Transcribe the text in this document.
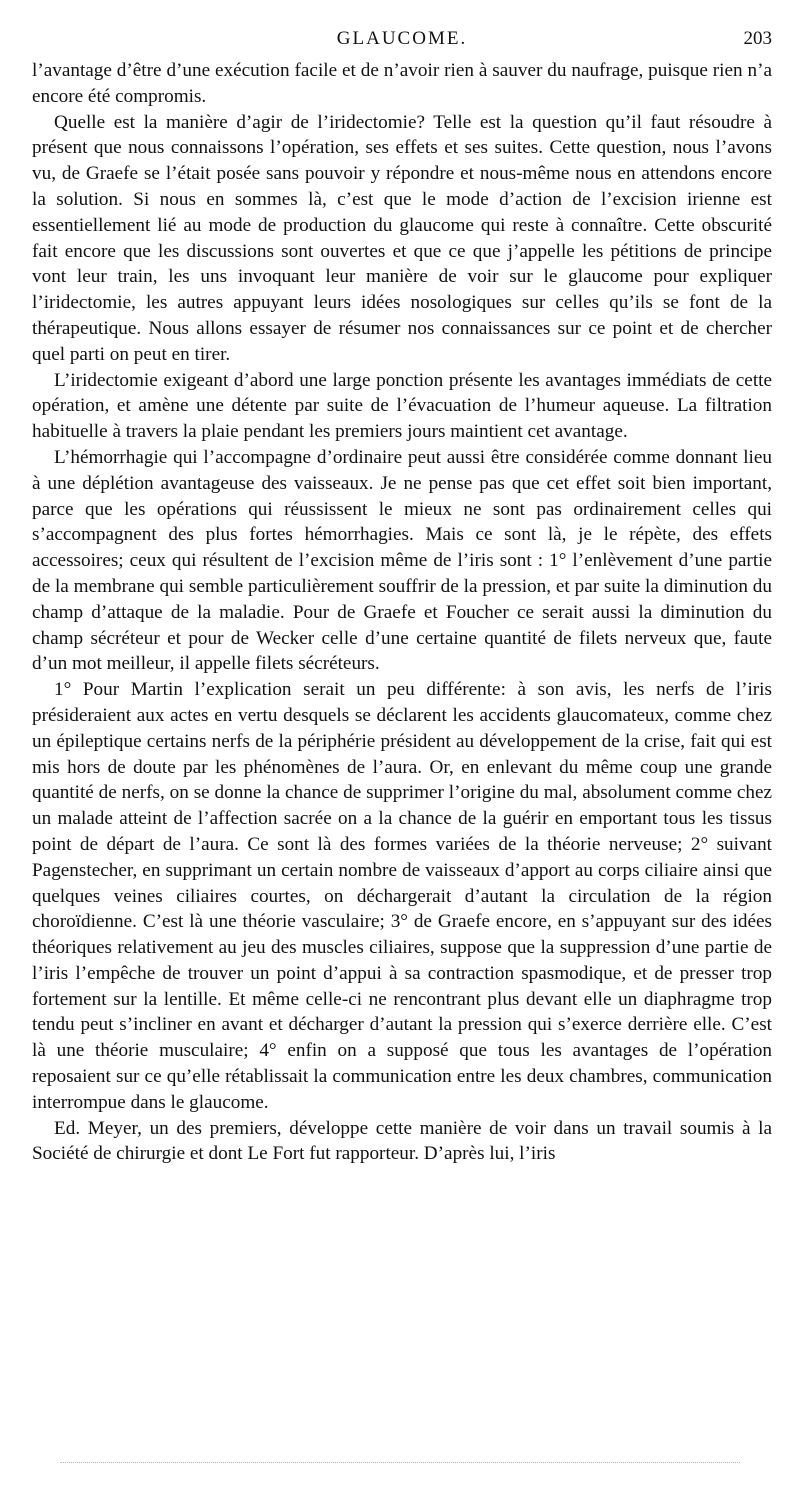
GLAUCOME.	203

l’avantage d’être d’une exécution facile et de n’avoir rien à sauver du naufrage, puisque rien n’a encore été compromis.

Quelle est la manière d’agir de l’iridectomie? Telle est la question qu’il faut résoudre à présent que nous connaissons l’opération, ses effets et ses suites. Cette question, nous l’avons vu, de Graefe se l’était posée sans pouvoir y répondre et nous-même nous en attendons encore la solution. Si nous en sommes là, c’est que le mode d’action de l’excision irienne est essentiellement lié au mode de production du glaucome qui reste à connaître. Cette obscurité fait encore que les discussions sont ouvertes et que ce que j’appelle les pétitions de principe vont leur train, les uns invoquant leur manière de voir sur le glaucome pour expliquer l’iridectomie, les autres appuyant leurs idées nosologiques sur celles qu’ils se font de la thérapeutique. Nous allons essayer de résumer nos connaissances sur ce point et de chercher quel parti on peut en tirer.

L’iridectomie exigeant d’abord une large ponction présente les avantages immédiats de cette opération, et amène une détente par suite de l’évacuation de l’humeur aqueuse. La filtration habituelle à travers la plaie pendant les premiers jours maintient cet avantage.

L’hémorrhagie qui l’accompagne d’ordinaire peut aussi être considérée comme donnant lieu à une déplétion avantageuse des vaisseaux. Je ne pense pas que cet effet soit bien important, parce que les opérations qui réussissent le mieux ne sont pas ordinairement celles qui s’accompagnent des plus fortes hémorrhagies. Mais ce sont là, je le répète, des effets accessoires; ceux qui résultent de l’excision même de l’iris sont : 1° l’enlèvement d’une partie de la membrane qui semble particulièrement souffrir de la pression, et par suite la diminution du champ d’attaque de la maladie. Pour de Graefe et Foucher ce serait aussi la diminution du champ sécréteur et pour de Wecker celle d’une certaine quantité de filets nerveux que, faute d’un mot meilleur, il appelle filets sécréteurs.

1° Pour Martin l’explication serait un peu différente: à son avis, les nerfs de l’iris présideraient aux actes en vertu desquels se déclarent les accidents glaucomateux, comme chez un épileptique certains nerfs de la périphérie président au développement de la crise, fait qui est mis hors de doute par les phénomènes de l’aura. Or, en enlevant du même coup une grande quantité de nerfs, on se donne la chance de supprimer l’origine du mal, absolument comme chez un malade atteint de l’affection sacrée on a la chance de la guérir en emportant tous les tissus point de départ de l’aura. Ce sont là des formes variées de la théorie nerveuse; 2° suivant Pagenstecher, en supprimant un certain nombre de vaisseaux d’apport au corps ciliaire ainsi que quelques veines ciliaires courtes, on déchargerait d’autant la circulation de la région choroïdienne. C’est là une théorie vasculaire; 3° de Graefe encore, en s’appuyant sur des idées théoriques relativement au jeu des muscles ciliaires, suppose que la suppression d’une partie de l’iris l’empêche de trouver un point d’appui à sa contraction spasmodique, et de presser trop fortement sur la lentille. Et même celle-ci ne rencontrant plus devant elle un diaphragme trop tendu peut s’incliner en avant et décharger d’autant la pression qui s’exerce derrière elle. C’est là une théorie musculaire; 4° enfin on a supposé que tous les avantages de l’opération reposaient sur ce qu’elle rétablissait la communication entre les deux chambres, communication interrompue dans le glaucome.

Ed. Meyer, un des premiers, développe cette manière de voir dans un travail soumis à la Société de chirurgie et dont Le Fort fut rapporteur. D’après lui, l’iris
